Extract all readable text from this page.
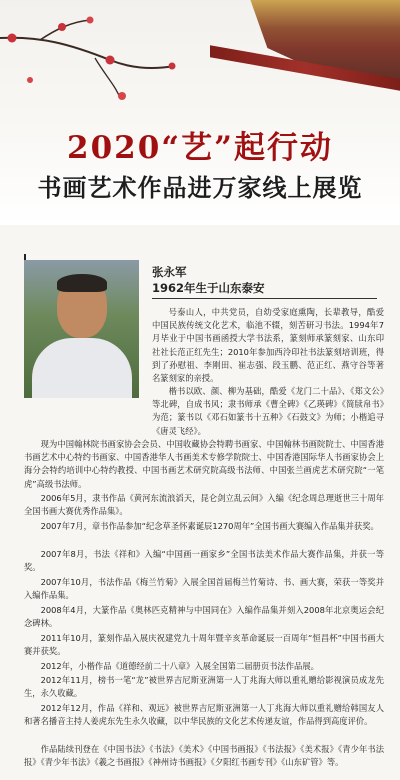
2020“艺”起行动
书画艺术作品进万家线上展览
张永军
1962年生于山东泰安

号泰山人，中共党员，自幼受家庭熏陶，长辈教导，酷爱中国民族传统文化艺术，临池不辍，刻苦研习书法。1994年7月毕业于中国书画函授大学书法系，篆刻师承篆刻家、山东印社社长范正红先生；2010年参加西泠印社书法篆刻培训班，得到了孙慰祖、李刚田、崔志强、段玉鹏、范正红、燕守谷等著名篆刻家的亲授。

楷书以欧、颜、柳为基础，酷爱《龙门二十品》、《郑文公》等北碑，自成书风；隶书师承《曹全碑》《乙瑛碑》《简牍帛书》为范；篆书以《邓石如篆书十五种》《石鼓文》为师；小楷追寻《唐灵飞经》。

现为中国翰林院书画家协会会员、中国收藏协会特聘书画家、中国翰林书画院院士、中国香港书画艺术中心特约书画家、中国香港华人书画美术专修学院院士、中国香港国际华人书画家协会上海分会特约培训中心特约教授、中国书画艺术研究院高级书法师、中国张兰画虎艺术研究院“一笔虎”高级书法师。

2006年5月，隶书作品《黄河东流浪滔天，昆仑剑立乱云间》入编《纪念周总理逝世三十周年全国书画大赛优秀作品集》。

2007年7月，章书作品参加“纪念草圣怀素诞辰1270周年”全国书画大赛编入作品集并获奖。

2007年8月，书法《祥和》入编“中国画一画家乡”全国书法美术作品大赛作品集，并获一等奖。

2007年10月，书法作品《梅兰竹菊》入展全国首届梅兰竹菊诗、书、画大赛，荣获一等奖并入编作品集。

2008年4月，大篆作品《奥林匹克精神与中国同在》入编作品集并刻入2008年北京奥运会纪念碑林。

2011年10月，篆刻作品入展庆祝建党九十周年暨辛亥革命诞辰一百周年“恒昌杯”中国书画大赛并获奖。

2012年，小楷作品《道德经前二十八章》入展全国第二届册页书法作品展。

2012年11月，榜书一笔“龙”被世界吉尼斯亚洲第一人丁兆海大师以重礼赠给影视演员成龙先生，永久收藏。

2012年12月，作品《祥和、观远》被世界吉尼斯亚洲第一人丁兆海大师以重礼赠给韩国友人和著名播音主持人姜虎东先生永久收藏，以中华民族的文化艺术传递友谊，作品得到高度评价。

作品陆续刊登在《中国书法》《书法》《美术》《中国书画报》《书法报》《美术报》《青少年书法报》《青少年书法》《羲之书画报》《神州诗书画报》《夕阳红书画专刊》《山东矿管》等。
